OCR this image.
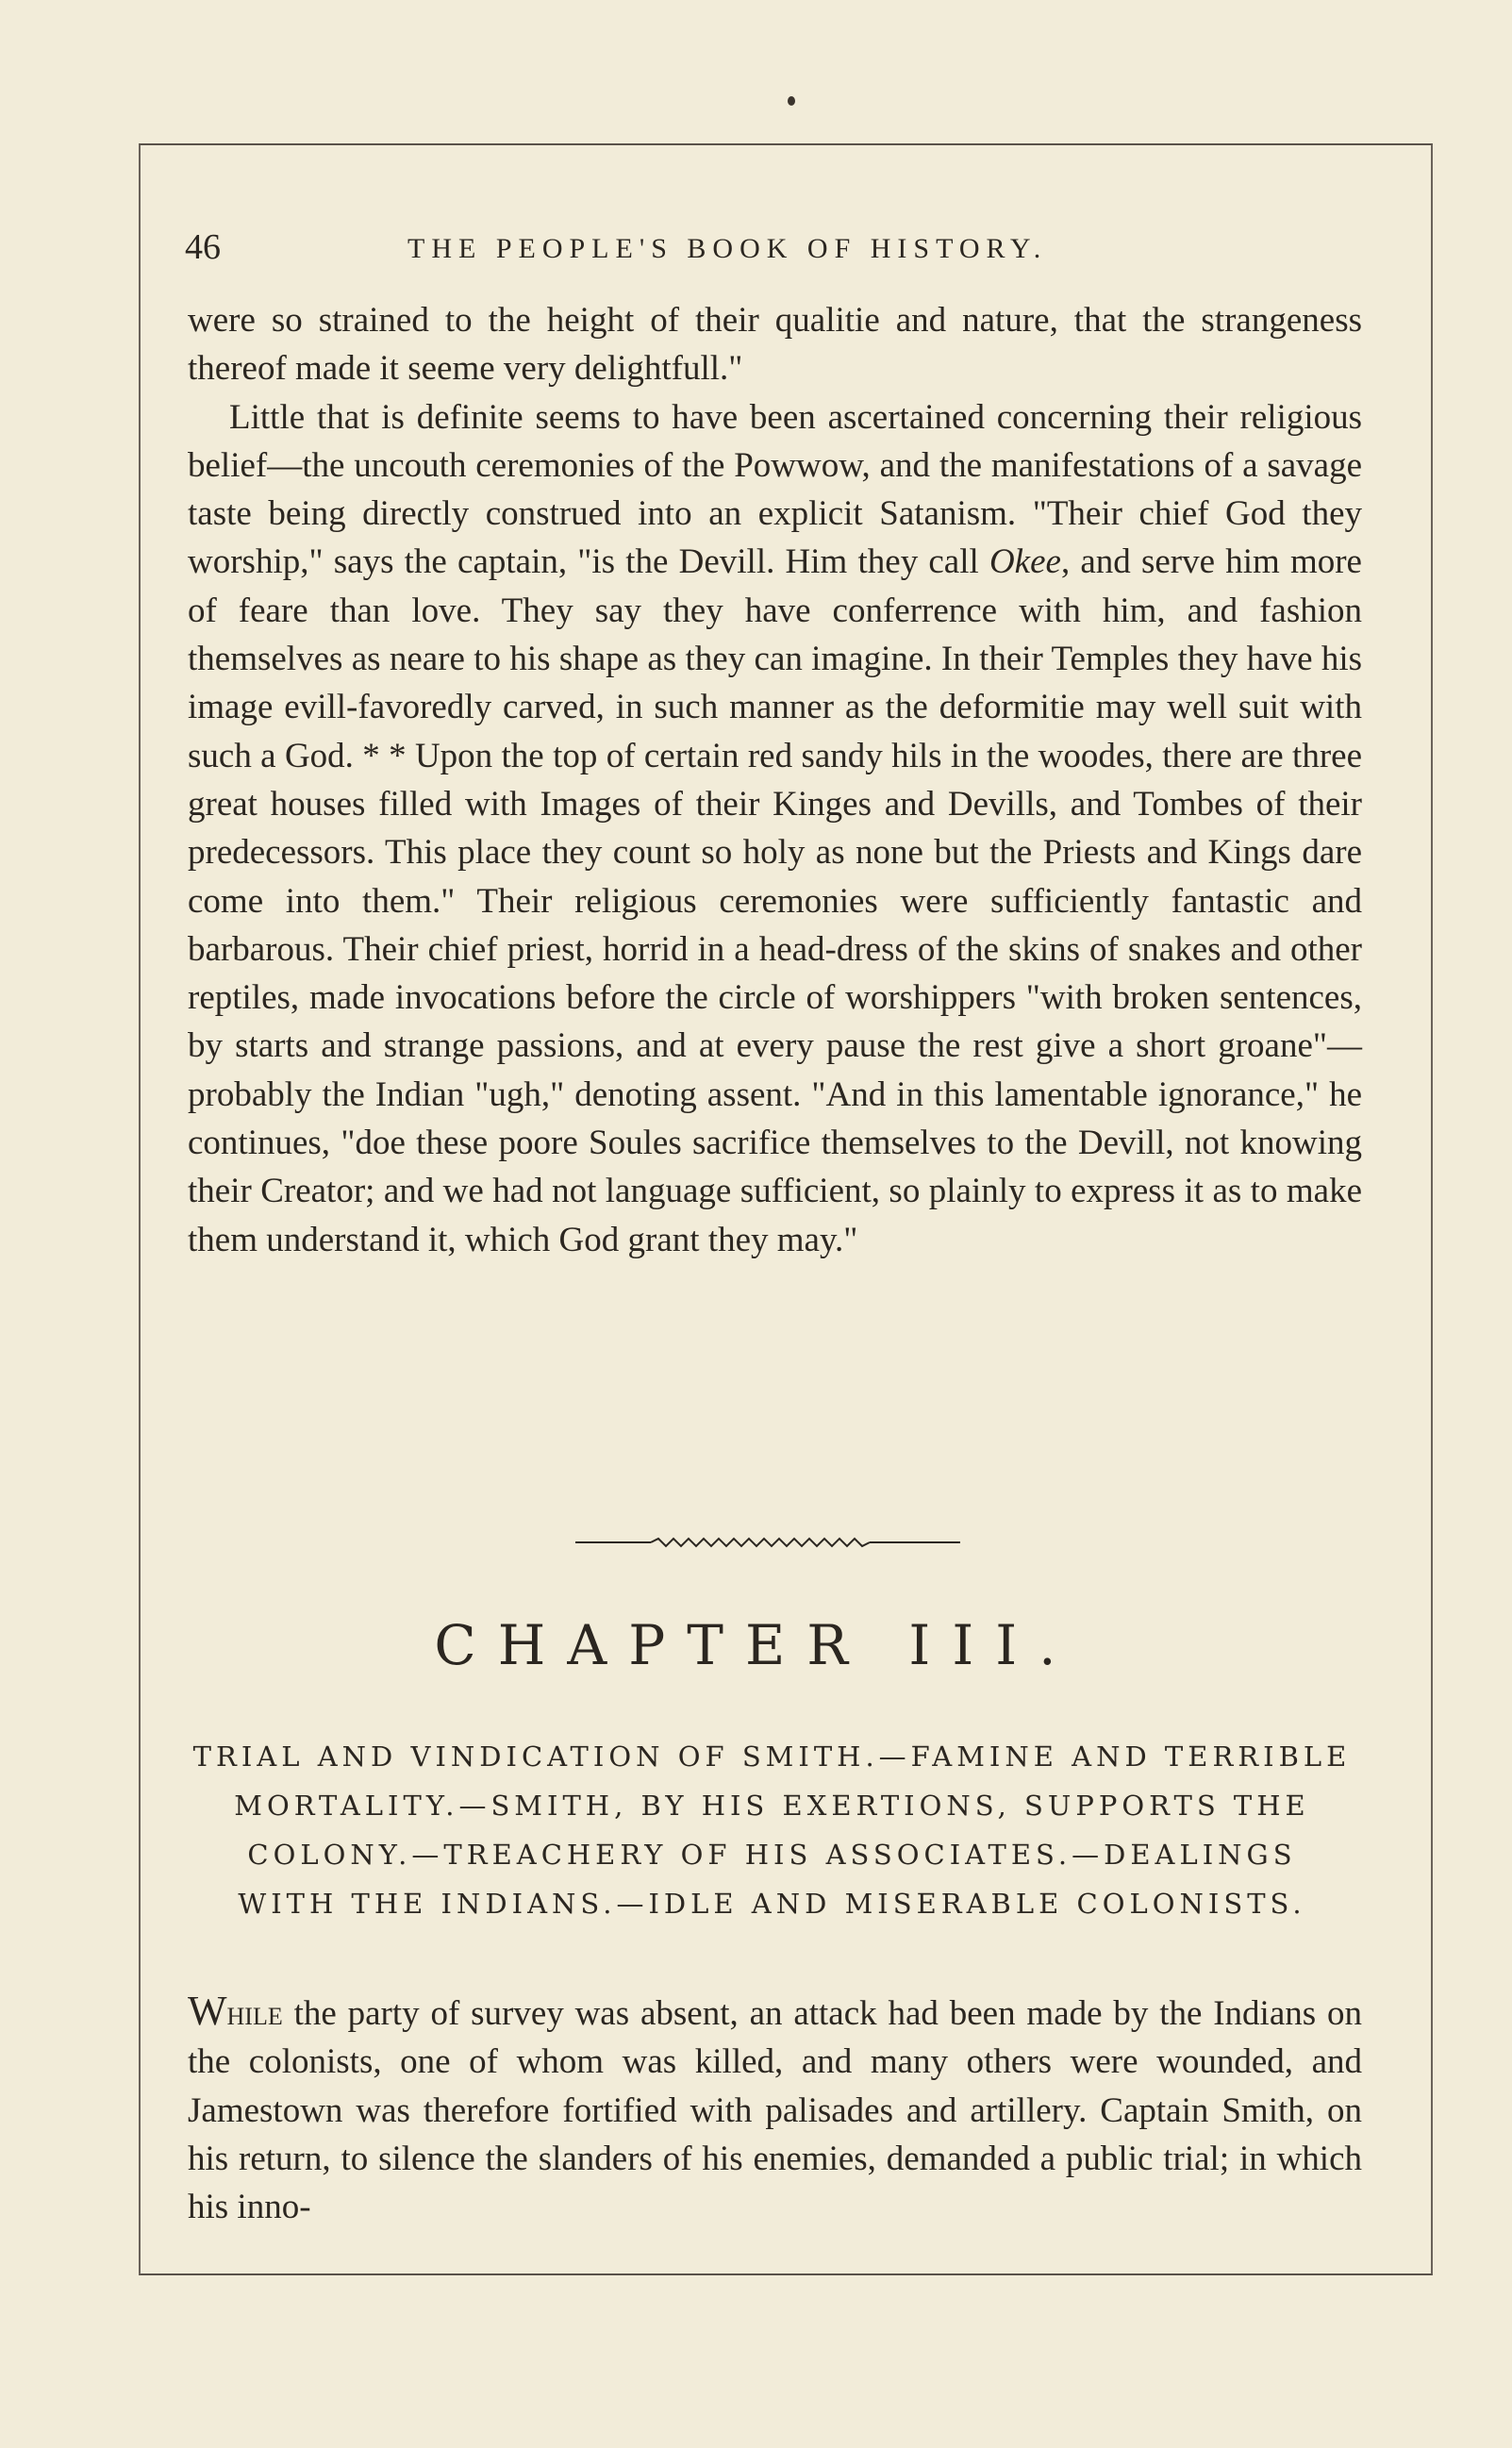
46	THE PEOPLE'S BOOK OF HISTORY.

were so strained to the height of their qualitie and nature, that the strangeness thereof made it seeme very delightfull."

Little that is definite seems to have been ascertained concerning their religious belief—the uncouth ceremonies of the Powwow, and the manifestations of a savage taste being directly construed into an explicit Satanism. "Their chief God they worship," says the captain, "is the Devill. Him they call Okee, and serve him more of feare than love. They say they have conferrence with him, and fashion themselves as neare to his shape as they can imagine. In their Temples they have his image evill-favoredly carved, in such manner as the deformitie may well suit with such a God. * * Upon the top of certain red sandy hils in the woodes, there are three great houses filled with Images of their Kinges and Devills, and Tombes of their predecessors. This place they count so holy as none but the Priests and Kings dare come into them." Their religious ceremonies were sufficiently fantastic and barbarous. Their chief priest, horrid in a head-dress of the skins of snakes and other reptiles, made invocations before the circle of worshippers "with broken sentences, by starts and strange passions, and at every pause the rest give a short groane"—probably the Indian "ugh," denoting assent. "And in this lamentable ignorance," he continues, "doe these poore Soules sacrifice themselves to the Devill, not knowing their Creator; and we had not language sufficient, so plainly to express it as to make them understand it, which God grant they may."

CHAPTER III.
TRIAL AND VINDICATION OF SMITH.—FAMINE AND TERRIBLE
MORTALITY.—SMITH, BY HIS EXERTIONS, SUPPORTS THE
COLONY.—TREACHERY OF HIS ASSOCIATES.—DEALINGS
WITH THE INDIANS.—IDLE AND MISERABLE COLONISTS.

While the party of survey was absent, an attack had been made by the Indians on the colonists, one of whom was killed, and many others were wounded, and Jamestown was therefore fortified with palisades and artillery. Captain Smith, on his return, to silence the slanders of his enemies, demanded a public trial; in which his inno-
